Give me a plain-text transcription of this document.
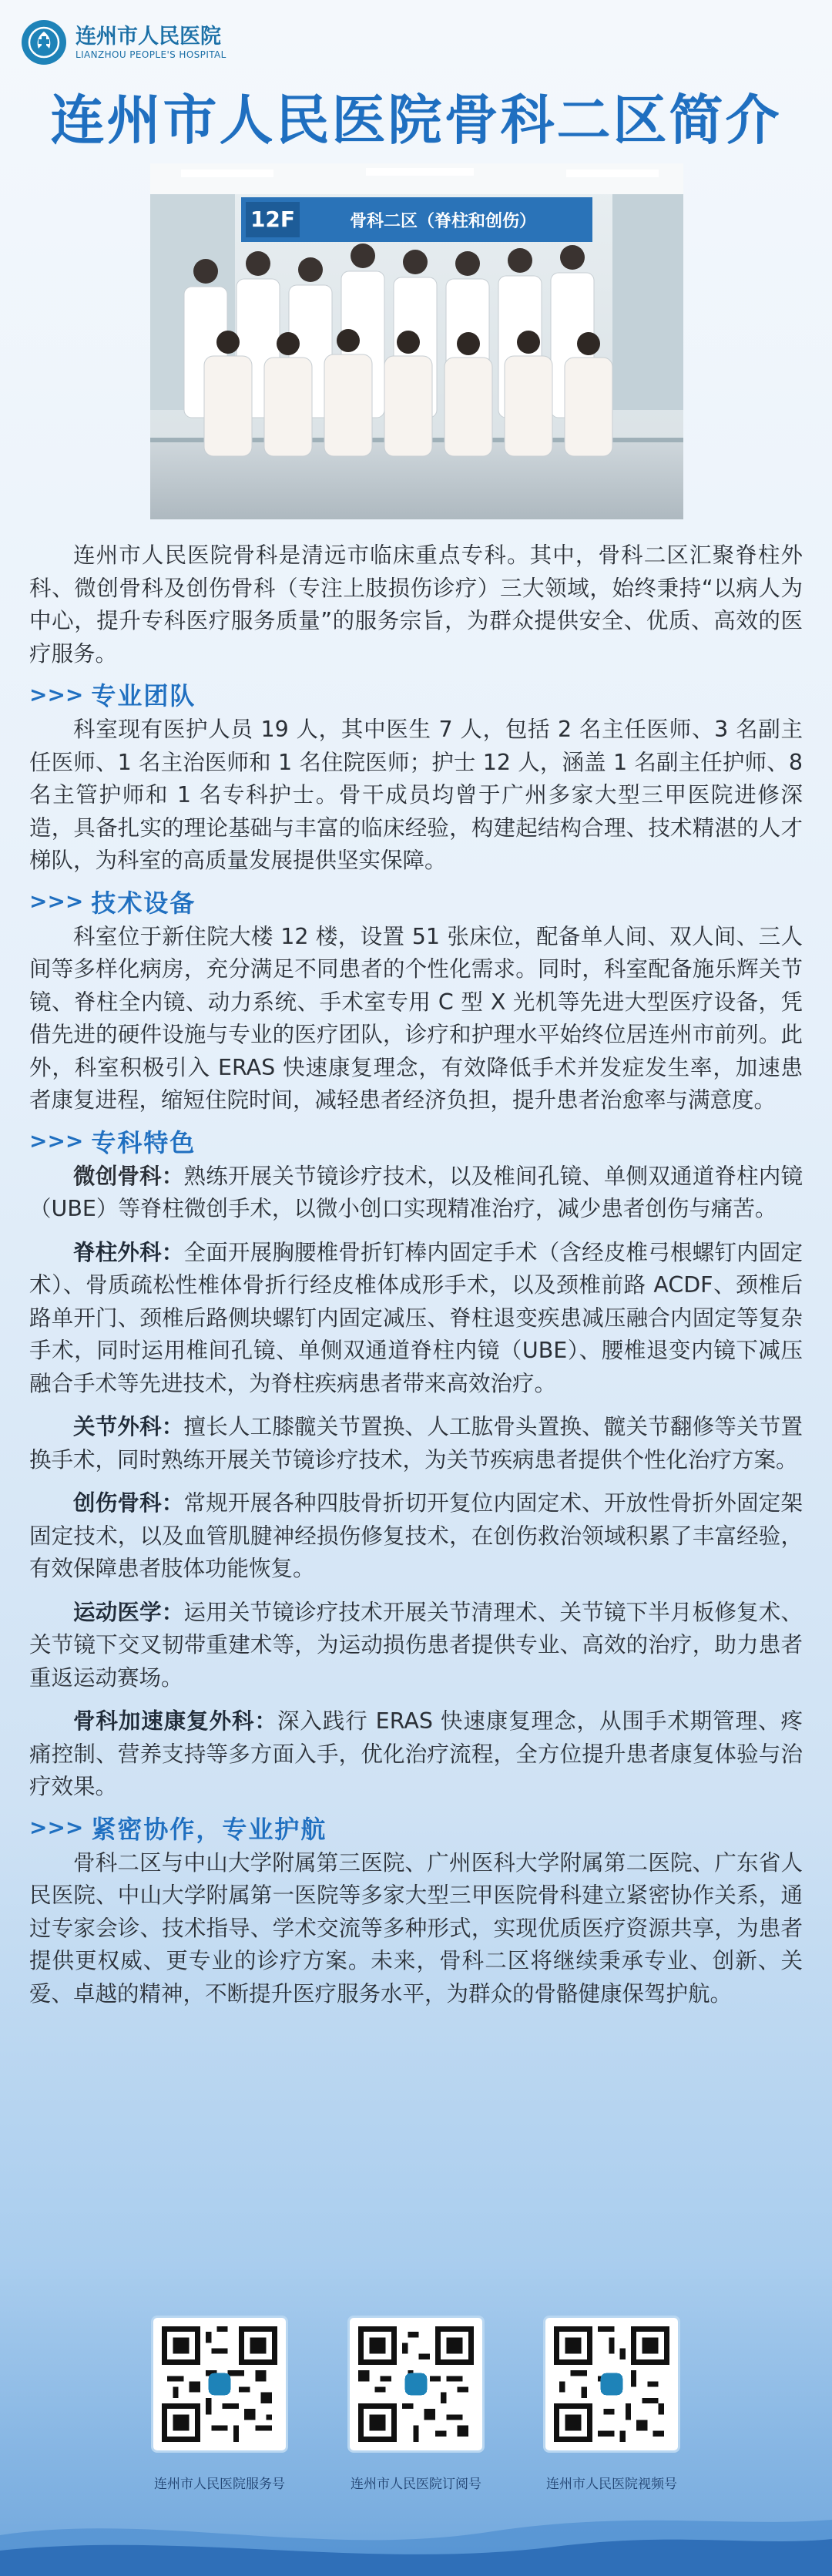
连州市人民医院
LIANZHOU PEOPLE'S HOSPITAL
连州市人民医院骨科二区简介
12F	骨科二区（脊柱和创伤）

连州市人民医院骨科是清远市临床重点专科。其中，骨科二区汇聚脊柱外科、微创骨科及创伤骨科（专注上肢损伤诊疗）三大领域，始终秉持“以病人为中心，提升专科医疗服务质量”的服务宗旨，为群众提供安全、优质、高效的医疗服务。

>>> 专业团队

科室现有医护人员 19 人，其中医生 7 人，包括 2 名主任医师、3 名副主任医师、1 名主治医师和 1 名住院医师；护士 12 人，涵盖 1 名副主任护师、8 名主管护师和 1 名专科护士。骨干成员均曾于广州多家大型三甲医院进修深造，具备扎实的理论基础与丰富的临床经验，构建起结构合理、技术精湛的人才梯队，为科室的高质量发展提供坚实保障。

>>> 技术设备

科室位于新住院大楼 12 楼，设置 51 张床位，配备单人间、双人间、三人间等多样化病房，充分满足不同患者的个性化需求。同时，科室配备施乐辉关节镜、脊柱全内镜、动力系统、手术室专用 C 型 X 光机等先进大型医疗设备，凭借先进的硬件设施与专业的医疗团队，诊疗和护理水平始终位居连州市前列。此外，科室积极引入 ERAS 快速康复理念，有效降低手术并发症发生率，加速患者康复进程，缩短住院时间，减轻患者经济负担，提升患者治愈率与满意度。

>>> 专科特色

微创骨科：熟练开展关节镜诊疗技术，以及椎间孔镜、单侧双通道脊柱内镜（UBE）等脊柱微创手术，以微小创口实现精准治疗，减少患者创伤与痛苦。

脊柱外科：全面开展胸腰椎骨折钉棒内固定手术（含经皮椎弓根螺钉内固定术）、骨质疏松性椎体骨折行经皮椎体成形手术，以及颈椎前路 ACDF、颈椎后路单开门、颈椎后路侧块螺钉内固定减压、脊柱退变疾患减压融合内固定等复杂手术，同时运用椎间孔镜、单侧双通道脊柱内镜（UBE）、腰椎退变内镜下减压融合手术等先进技术，为脊柱疾病患者带来高效治疗。

关节外科：擅长人工膝髋关节置换、人工肱骨头置换、髋关节翻修等关节置换手术，同时熟练开展关节镜诊疗技术，为关节疾病患者提供个性化治疗方案。

创伤骨科：常规开展各种四肢骨折切开复位内固定术、开放性骨折外固定架固定技术，以及血管肌腱神经损伤修复技术，在创伤救治领域积累了丰富经验，有效保障患者肢体功能恢复。

运动医学：运用关节镜诊疗技术开展关节清理术、关节镜下半月板修复术、关节镜下交叉韧带重建术等，为运动损伤患者提供专业、高效的治疗，助力患者重返运动赛场。

骨科加速康复外科：深入践行 ERAS 快速康复理念，从围手术期管理、疼痛控制、营养支持等多方面入手，优化治疗流程，全方位提升患者康复体验与治疗效果。

>>> 紧密协作，专业护航

骨科二区与中山大学附属第三医院、广州医科大学附属第二医院、广东省人民医院、中山大学附属第一医院等多家大型三甲医院骨科建立紧密协作关系，通过专家会诊、技术指导、学术交流等多种形式，实现优质医疗资源共享，为患者提供更权威、更专业的诊疗方案。未来，骨科二区将继续秉承专业、创新、关爱、卓越的精神，不断提升医疗服务水平，为群众的骨骼健康保驾护航。

连州市人民医院服务号	连州市人民医院订阅号	连州市人民医院视频号
